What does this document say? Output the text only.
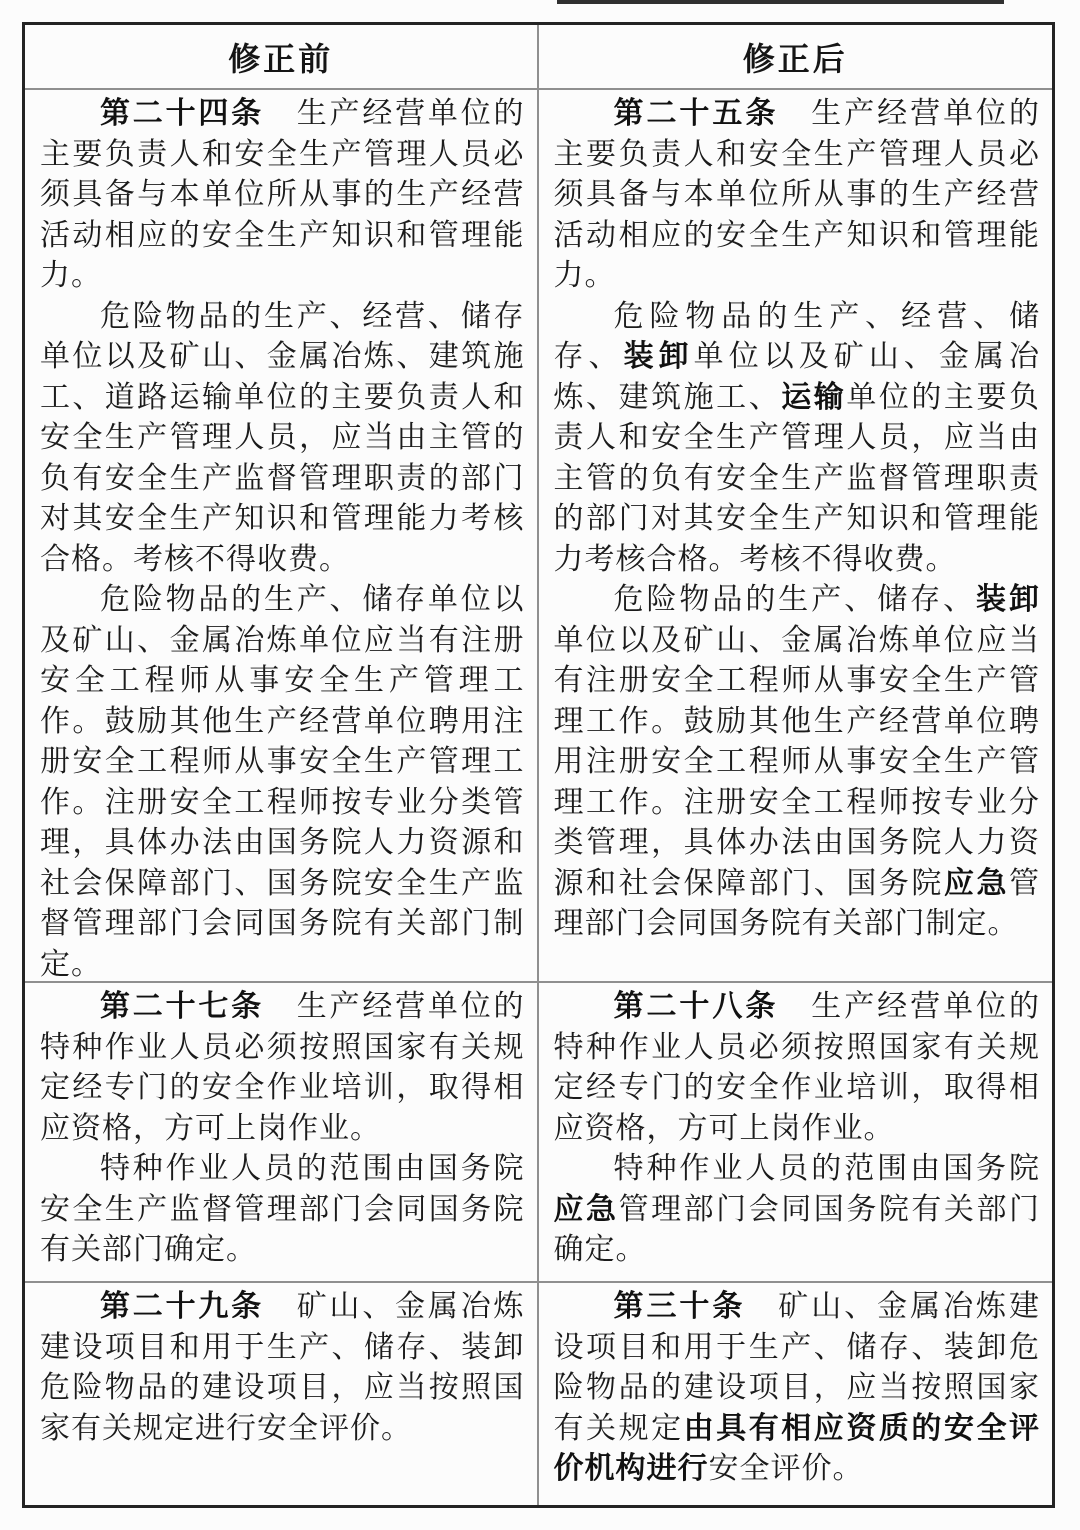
修正前	修正后

第二十四条　生产经营单位的主要负责人和安全生产管理人员必须具备与本单位所从事的生产经营活动相应的安全生产知识和管理能力。

危险物品的生产、经营、储存单位以及矿山、金属冶炼、建筑施工、道路运输单位的主要负责人和安全生产管理人员，应当由主管的负有安全生产监督管理职责的部门对其安全生产知识和管理能力考核合格。考核不得收费。

危险物品的生产、储存单位以及矿山、金属冶炼单位应当有注册安全工程师从事安全生产管理工作。鼓励其他生产经营单位聘用注册安全工程师从事安全生产管理工作。注册安全工程师按专业分类管理，具体办法由国务院人力资源和社会保障部门、国务院安全生产监督管理部门会同国务院有关部门制定。

第二十五条　生产经营单位的主要负责人和安全生产管理人员必须具备与本单位所从事的生产经营活动相应的安全生产知识和管理能力。

危险物品的生产、经营、储存、装卸单位以及矿山、金属冶炼、建筑施工、运输单位的主要负责人和安全生产管理人员，应当由主管的负有安全生产监督管理职责的部门对其安全生产知识和管理能力考核合格。考核不得收费。

危险物品的生产、储存、装卸单位以及矿山、金属冶炼单位应当有注册安全工程师从事安全生产管理工作。鼓励其他生产经营单位聘用注册安全工程师从事安全生产管理工作。注册安全工程师按专业分类管理，具体办法由国务院人力资源和社会保障部门、国务院应急管理部门会同国务院有关部门制定。

第二十七条　生产经营单位的特种作业人员必须按照国家有关规定经专门的安全作业培训，取得相应资格，方可上岗作业。

特种作业人员的范围由国务院安全生产监督管理部门会同国务院有关部门确定。

第二十八条　生产经营单位的特种作业人员必须按照国家有关规定经专门的安全作业培训，取得相应资格，方可上岗作业。

特种作业人员的范围由国务院应急管理部门会同国务院有关部门确定。

第二十九条　矿山、金属冶炼建设项目和用于生产、储存、装卸危险物品的建设项目，应当按照国家有关规定进行安全评价。

第三十条　矿山、金属冶炼建设项目和用于生产、储存、装卸危险物品的建设项目，应当按照国家有关规定由具有相应资质的安全评价机构进行安全评价。
